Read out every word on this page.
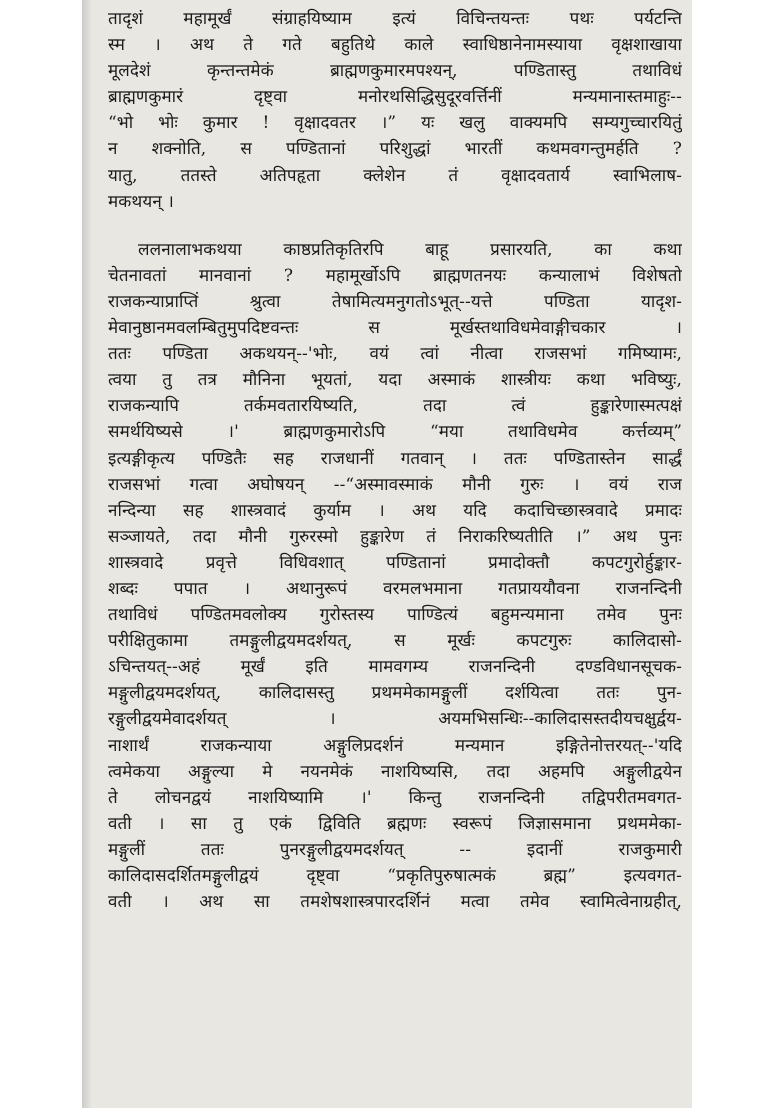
तादृशं महामूर्खं संग्राहयिष्याम इत्यं विचिन्तयन्तः पथः पर्यटन्ति
स्म । अथ ते गते बहुतिथे काले स्वाधिष्ठानेनामस्याया वृक्षशाखाया
मूलदेशं कृन्तन्तमेकं ब्राह्मणकुमारमपश्यन्, पण्डितास्तु तथाविधं
ब्राह्मणकुमारं दृष्ट्वा मनोरथसिद्धिसुदूरवर्त्तिनीं मन्यमानास्तमाहुः--
“भो भोः कुमार ! वृक्षादवतर ।” यः खलु वाक्यमपि सम्यगुच्चारयितुं
न शक्नोति, स पण्डितानां परिशुद्धां भारतीं कथमवगन्तुमर्हति ?
यातु, ततस्ते अतिपहृता क्लेशेन तं वृक्षादवतार्य स्वाभिलाष-
मकथयन् ।
ललनालाभकथया काष्ठप्रतिकृतिरपि बाहू प्रसारयति, का कथा
चेतनावतां मानवानां ? महामूर्खोऽपि ब्राह्मणतनयः कन्यालाभं विशेषतो
राजकन्याप्राप्तिं श्रुत्वा तेषामित्यमनुगतोऽभूत्--यत्ते पण्डिता यादृश-
मेवानुष्ठानमवलम्बितुमुपदिष्टवन्तः स मूर्खस्तथाविधमेवाङ्गीचकार ।
ततः पण्डिता अकथयन्--'भोः, वयं त्वां नीत्वा राजसभां गमिष्यामः,
त्वया तु तत्र मौनिना भूयतां, यदा अस्माकं शास्त्रीयः कथा भविष्युः,
राजकन्यापि तर्कमवतारयिष्यति, तदा त्वं हुङ्कारेणास्मत्पक्षं
समर्थयिष्यसे ।' ब्राह्मणकुमारोऽपि “मया तथाविधमेव कर्त्तव्यम्”
इत्यङ्गीकृत्य पण्डितैः सह राजधानीं गतवान् । ततः पण्डितास्तेन सार्द्धं
राजसभां गत्वा अघोषयन् --“अस्मावस्माकं मौनी गुरुः । वयं राज
नन्दिन्या सह शास्त्रवादं कुर्याम । अथ यदि कदाचिच्छास्त्रवादे प्रमादः
सञ्जायते, तदा मौनी गुरुरस्मो हुङ्कारेण तं निराकरिष्यतीति ।” अथ पुनः
शास्त्रवादे प्रवृत्ते विधिवशात् पण्डितानां प्रमादोक्तौ कपटगुरोर्हुङ्कार-
शब्दः पपात । अथानुरूपं वरमलभमाना गतप्राययौवना राजनन्दिनी
तथाविधं पण्डितमवलोक्य गुरोस्तस्य पाण्डित्यं बहुमन्यमाना तमेव पुनः
परीक्षितुकामा तमङ्गुलीद्वयमदर्शयत्, स मूर्खः कपटगुरुः कालिदासो-
ऽचिन्तयत्--अहं मूर्खं इति मामवगम्य राजनन्दिनी दण्डविधानसूचक-
मङ्गुलीद्वयमदर्शयत्, कालिदासस्तु प्रथममेकामङ्गुलीं दर्शयित्वा ततः पुन-
रङ्गुलीद्वयमेवादर्शयत् । अयमभिसन्धिः--कालिदासस्तदीयचक्षुर्द्वय-
नाशार्थं राजकन्याया अङ्गुलिप्रदर्शनं मन्यमान इङ्गितेनोत्तरयत्--'यदि
त्वमेकया अङ्गुल्या मे नयनमेकं नाशयिष्यसि, तदा अहमपि अङ्गुलीद्वयेन
ते लोचनद्वयं नाशयिष्यामि ।' किन्तु राजनन्दिनी तद्विपरीतमवगत-
वती । सा तु एकं द्विविति ब्रह्मणः स्वरूपं जिज्ञासमाना प्रथममेका-
मङ्गुलीं ततः पुनरङ्गुलीद्वयमदर्शयत् -- इदानीं राजकुमारी
कालिदासदर्शितमङ्गुलीद्वयं दृष्ट्वा “प्रकृतिपुरुषात्मकं ब्रह्म” इत्यवगत-
वती । अथ सा तमशेषशास्त्रपारदर्शिनं मत्वा तमेव स्वामित्वेनाग्रहीत्,
